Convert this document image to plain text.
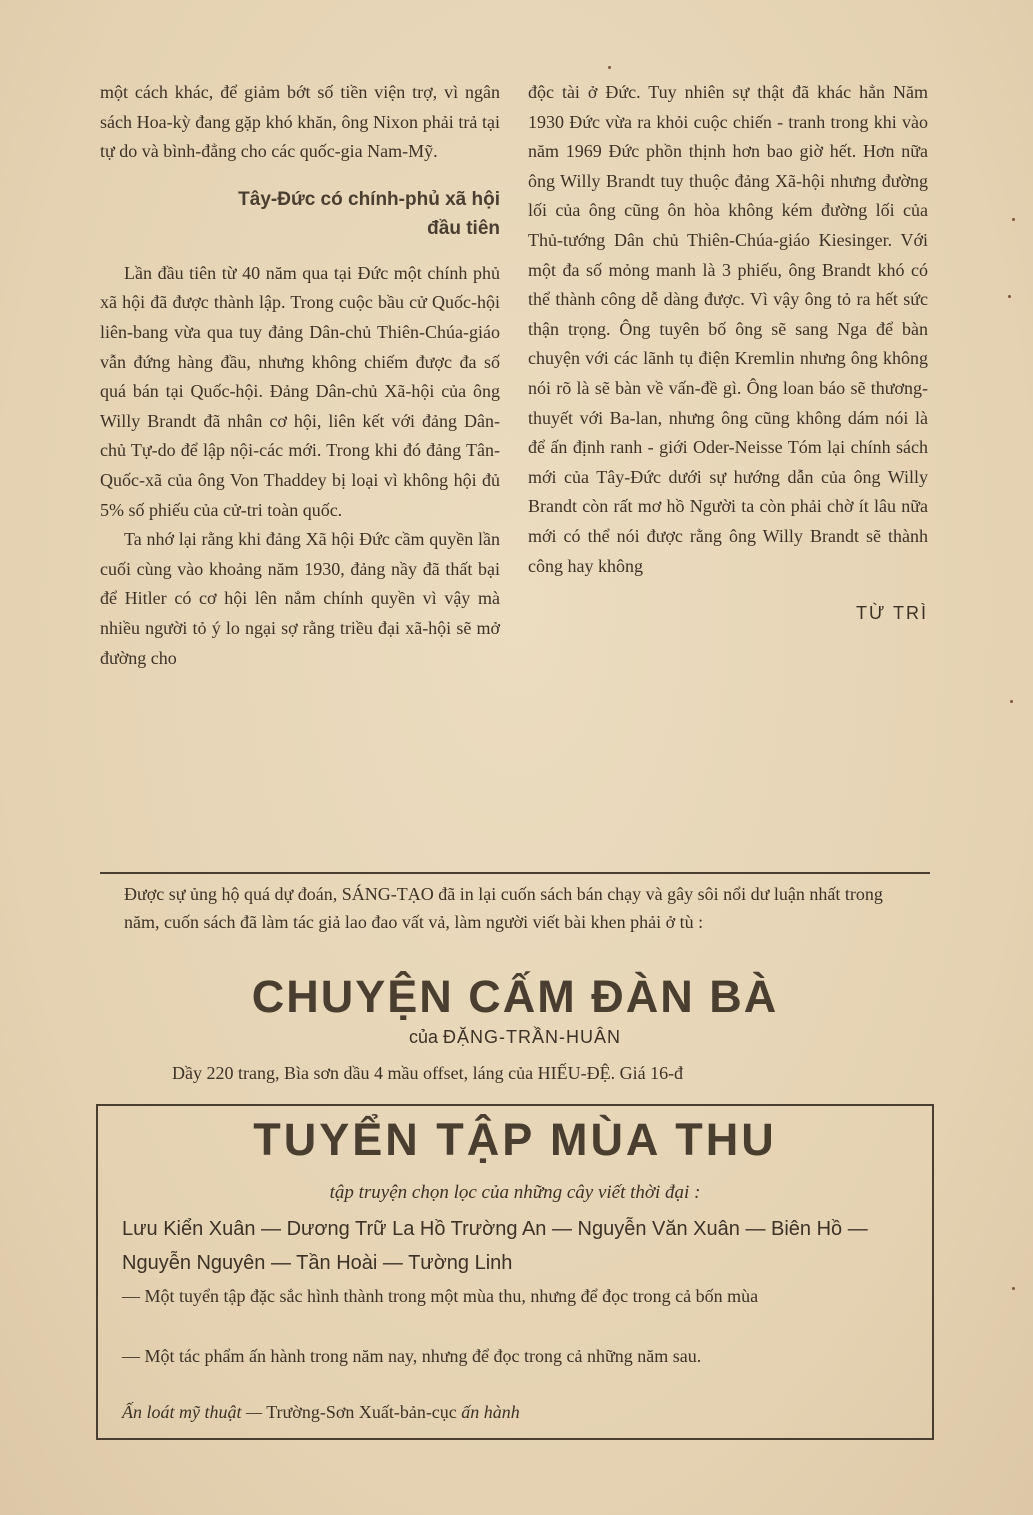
một cách khác, để giảm bớt số tiền viện trợ, vì ngân sách Hoa-kỳ đang gặp khó khăn, ông Nixon phải trả tại tự do và bình-đẳng cho các quốc-gia Nam-Mỹ.

Tây-Đức có chính-phủ xã hội
đầu tiên

Lần đầu tiên từ 40 năm qua tại Đức một chính phủ xã hội đã được thành lập. Trong cuộc bầu cử Quốc-hội liên-bang vừa qua tuy đảng Dân-chủ Thiên-Chúa-giáo vẫn đứng hàng đầu, nhưng không chiếm được đa số quá bán tại Quốc-hội. Đảng Dân-chủ Xã-hội của ông Willy Brandt đã nhân cơ hội, liên kết với đảng Dân-chủ Tự-do để lập nội-các mới. Trong khi đó đảng Tân-Quốc-xã của ông Von Thaddey bị loại vì không hội đủ 5% số phiếu của cử-tri toàn quốc.

Ta nhớ lại rằng khi đảng Xã hội Đức cầm quyền lần cuối cùng vào khoảng năm 1930, đảng nầy đã thất bại để Hitler có cơ hội lên nắm chính quyền vì vậy mà nhiều người tỏ ý lo ngại sợ rằng triều đại xã-hội sẽ mở đường cho

độc tài ở Đức. Tuy nhiên sự thật đã khác hẳn Năm 1930 Đức vừa ra khỏi cuộc chiến - tranh trong khi vào năm 1969 Đức phồn thịnh hơn bao giờ hết. Hơn nữa ông Willy Brandt tuy thuộc đảng Xã-hội nhưng đường lối của ông cũng ôn hòa không kém đường lối của Thủ-tướng Dân chủ Thiên-Chúa-giáo Kiesinger. Với một đa số mỏng manh là 3 phiếu, ông Brandt khó có thể thành công dễ dàng được. Vì vậy ông tỏ ra hết sức thận trọng. Ông tuyên bố ông sẽ sang Nga để bàn chuyện với các lãnh tụ điện Kremlin nhưng ông không nói rõ là sẽ bàn về vấn-đề gì. Ông loan báo sẽ thương-thuyết với Ba-lan, nhưng ông cũng không dám nói là để ấn định ranh - giới Oder-Neisse Tóm lại chính sách mới của Tây-Đức dưới sự hướng dẫn của ông Willy Brandt còn rất mơ hồ Người ta còn phải chờ ít lâu nữa mới có thể nói được rằng ông Willy Brandt sẽ thành công hay không

TỪ TRÌ
Được sự ủng hộ quá dự đoán, SÁNG-TẠO đã in lại cuốn sách bán chạy và gây sôi nổi dư luận nhất trong năm, cuốn sách đã làm tác giả lao đao vất vả, làm người viết bài khen phải ở tù :
CHUYỆN CẤM ĐÀN BÀ
của ĐẶNG-TRẦN-HUÂN
Dầy 220 trang, Bìa sơn dầu 4 mầu offset, láng của HIẾU-ĐỆ. Giá 16-đ
TUYỂN TẬP MÙA THU
tập truyện chọn lọc của những cây viết thời đại :
Lưu Kiển Xuân — Dương Trữ La Hồ Trường An — Nguyễn Văn Xuân — Biên Hồ — Nguyễn Nguyên — Tần Hoài — Tường Linh
— Một tuyển tập đặc sắc hình thành trong một mùa thu, nhưng để đọc trong cả bốn mùa
— Một tác phẩm ấn hành trong năm nay, nhưng để đọc trong cả những năm sau.
Ấn loát mỹ thuật — Trường-Sơn Xuất-bản-cục ấn hành
